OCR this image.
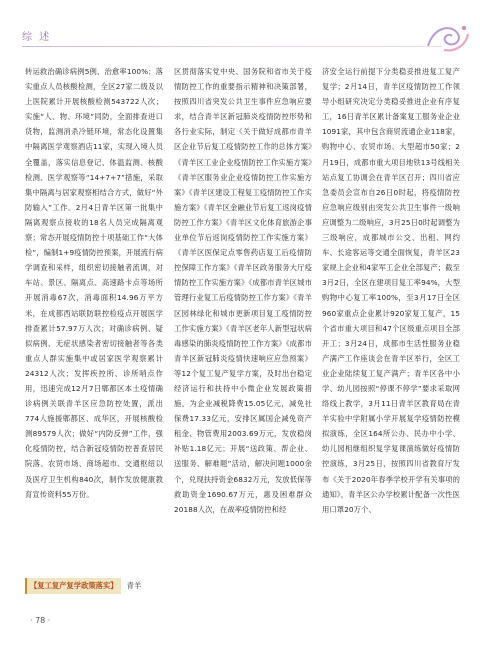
综 述

转运救治确诊病例5例、治愈率100%；落实重点人员核酸检测，全区27家二级及以上医院累计开展核酸检测543722人次；实施“人、物、环境”同防，全面排查进口货物，监测消杀冷链环境，常态化设置集中隔离医学观察酒店11家，实现入境人员全覆盖，落实信息登记、体温监测、核酸检测、医学观察等“14+7+7”措施，采取集中隔离与居家观察相结合方式，做好“外防输入”工作。2月4日青羊区第一批集中隔离观察点接收的18名人员完成隔离观察；常态开展疫情防控十项基础工作“大体检”，编制1+9疫情防控预案，开展流行病学调查和采样，组织密切接触者流调，对车站、景区、隔离点、高速路卡点等场所开展消毒67次，消毒面积14.96万平方米，在成都西站联防联控检疫点开展医学排查累计57.97万人次；对确诊病例、疑似病例、无症状感染者密切接触者等各类重点人群实施集中或居家医学观察累计24312人次；发挥疾控所、诊所哨点作用，迅速完成12月7日郫都区本土疫情确诊病例关联青羊区应急防控处置，派出774人施援郫都区、成华区，开展核酸检测89579人次；做好“内防反弹”工作，强化疫情防控，结合新冠疫情防控普查居民院落、农贸市场、商场超市、交通枢纽以及医疗卫生机构840次，制作发放健康教育宣传资料55万份。

【复工复产复学政策落实】 青羊

区贯彻落实党中央、国务院和省市关于疫情防控工作的重要指示精神和决策部署，按照四川省突发公共卫生事件应急响应要求，结合青羊区新冠肺炎疫情防控形势和各行业实际，制定《关于做好成都市青羊区企业节后复工疫情防控工作的总体方案》《青羊区工业企业疫情防控工作实施方案》《青羊区服务业企业疫情防控工作实施方案》《青羊区建设工程复工疫情防控工作实施方案》《青羊区金融业节后复工返岗疫情防控工作方案》《青羊区文化体育旅游企事业单位节后返岗疫情防控工作实施方案》《青羊区医保定点零售药店复工后疫情防控保障工作方案》《青羊区政务服务大厅疫情防控工作实施方案》《成都市青羊区城市管理行业复工后疫情防控工作方案》《青羊区园林绿化和城市更新项目复工疫情防控工作实施方案》《青羊区老年人新型冠状病毒感染的肺炎疫情防控工作方案》《成都市青羊区新冠肺炎疫情快速响应应急预案》等12个复工复产复学方案，及时出台稳定经济运行和扶持中小微企业发展政策措施，为企业减税降费15.05亿元，减免社保费17.33亿元，安排区属国企减免资产租金、物管费用2003.69万元，发放稳岗补贴1.18亿元；开展“送政策、帮企业、送服务、解难题”活动，解决问题1000余个，兑现扶持资金6832万元，发放低保等救助资金1690.67万元，惠及困难群众20188人次，在战率疫情防控和经

济安全运行前提下分类稳妥推进复工复产复学；2月14日，青羊区疫情防控工作领导小组研究决定分类稳妥推进企业有序复工，16日青羊区累计备案复工服务业企业1091家，其中包含商贸流通企业118家，购物中心、农贸市场、大型超市50家；2月19日，成都市重大项目地铁13号线相关站点复工协调会在青羊区召开；四川省应急委员会宣布自26日0时起，将疫情防控应急响应级别由突发公共卫生事件一级响应调整为二级响应，3月25日0时起调整为三级响应，成都城市公交、出租、网约车、长途客运等交通全面恢复，青羊区23家规上企业和4家军工企业全部复产；截至3月2日，全区在建项目复工率94%，大型购物中心复工率100%，至3月17日全区960家重点企业累计920家复工复产，15个省市重大项目和47个区级重点项目全部开工；3月24日，成都市生活性服务业稳产满产工作座谈会在青羊区举行，全区工业企业陆续复工复产满产；青羊区各中小学、幼儿园按照“停课不停学”要求采取网络线上教学，3月11日青羊区教育局在青羊实验中学附属小学开展复学疫情防控模拟演练，全区164所公办、民办中小学、幼儿园相继组织复学复课演练做好疫情防控演练，3月25日，按照四川省教育厅发布《关于2020年春季学校开学有关事项的通知》，青羊区公办学校累计配备一次性医用口罩20万个、

· 78 ·
